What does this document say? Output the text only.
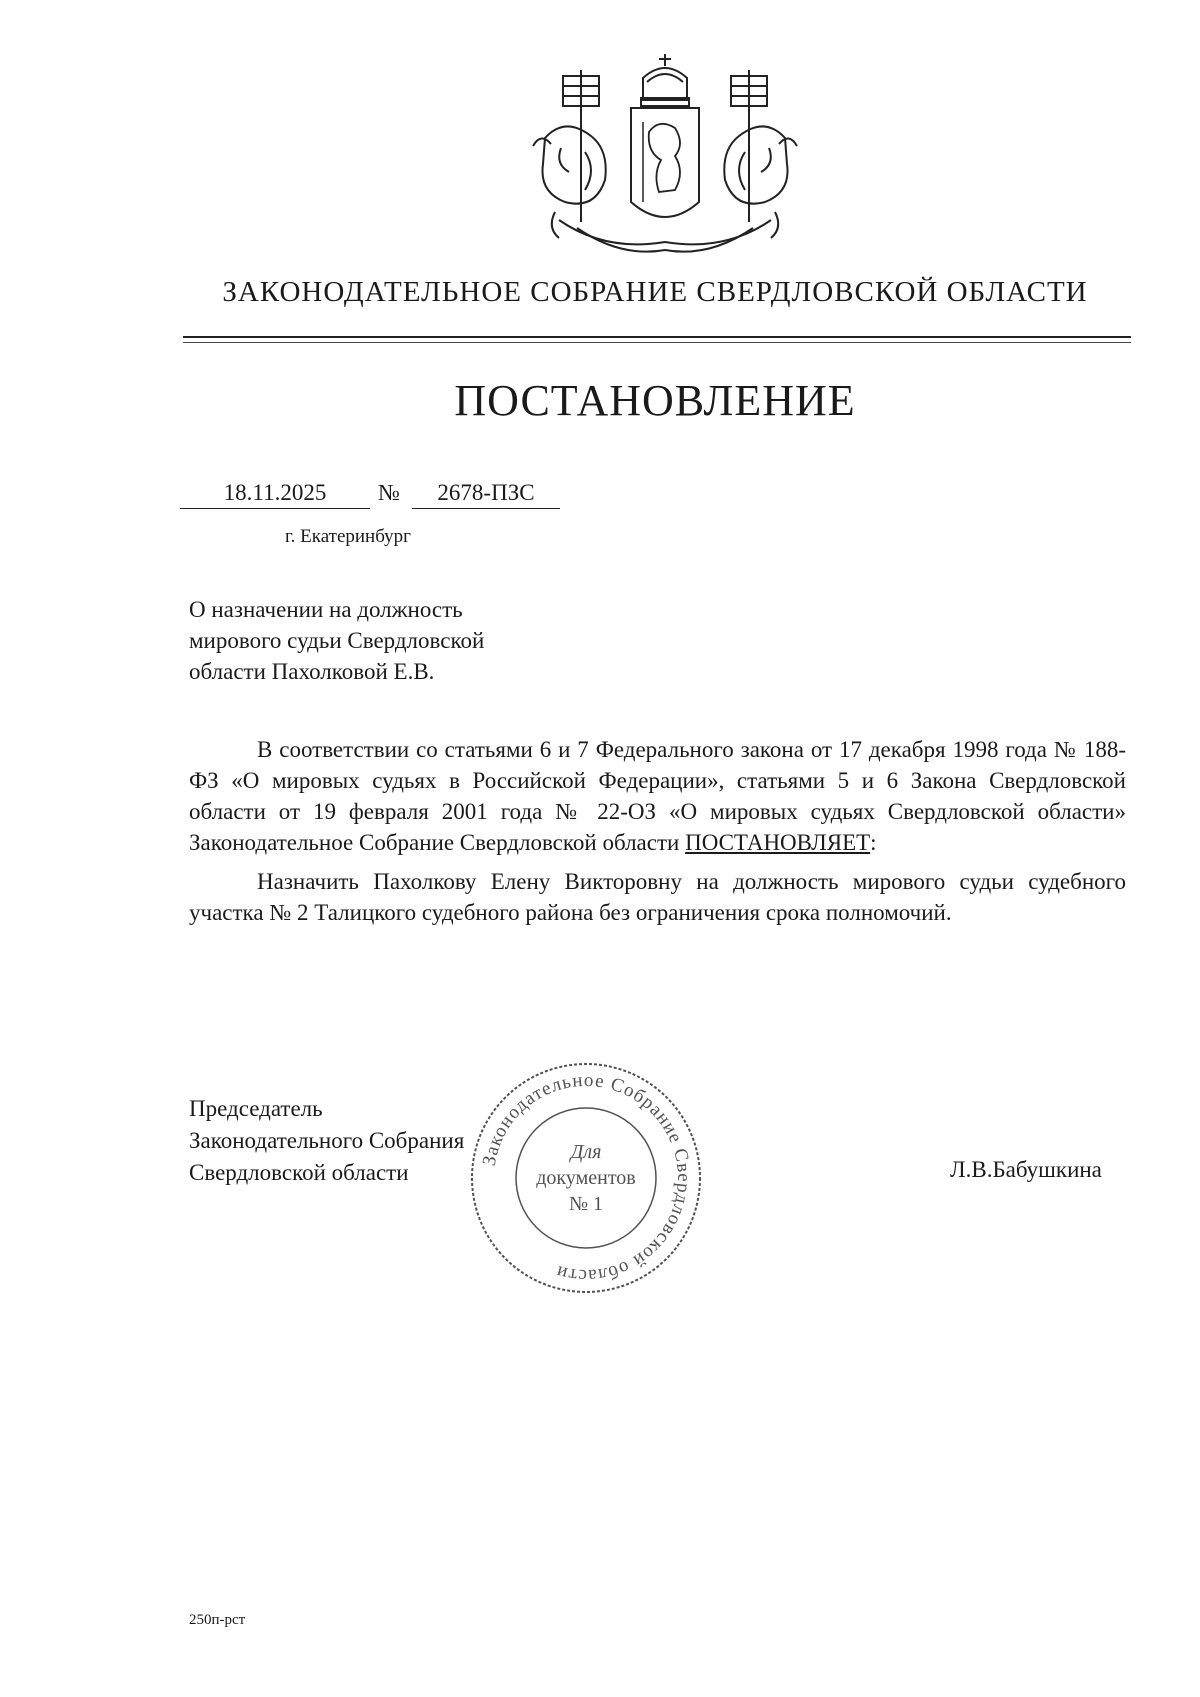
ЗАКОНОДАТЕЛЬНОЕ СОБРАНИЕ СВЕРДЛОВСКОЙ ОБЛАСТИ
ПОСТАНОВЛЕНИЕ
18.11.2025	№	2678-ПЗС
г. Екатеринбург
О назначении на должность
мирового судьи Свердловской
области Пахолковой Е.В.

В соответствии со статьями 6 и 7 Федерального закона от 17 декабря 1998 года № 188-ФЗ «О мировых судьях в Российской Федерации», статьями 5 и 6 Закона Свердловской области от 19 февраля 2001 года № 22-ОЗ «О мировых судьях Свердловской области» Законодательное Собрание Свердловской области ПОСТАНОВЛЯЕТ:

Назначить Пахолкову Елену Викторовну на должность мирового судьи судебного участка № 2 Талицкого судебного района без ограничения срока полномочий.

Председатель
Законодательного Собрания
Свердловской области	Л.В.Бабушкина
Законодательное Собрание Свердловской области
Для
документов
№ 1
250п-рст
